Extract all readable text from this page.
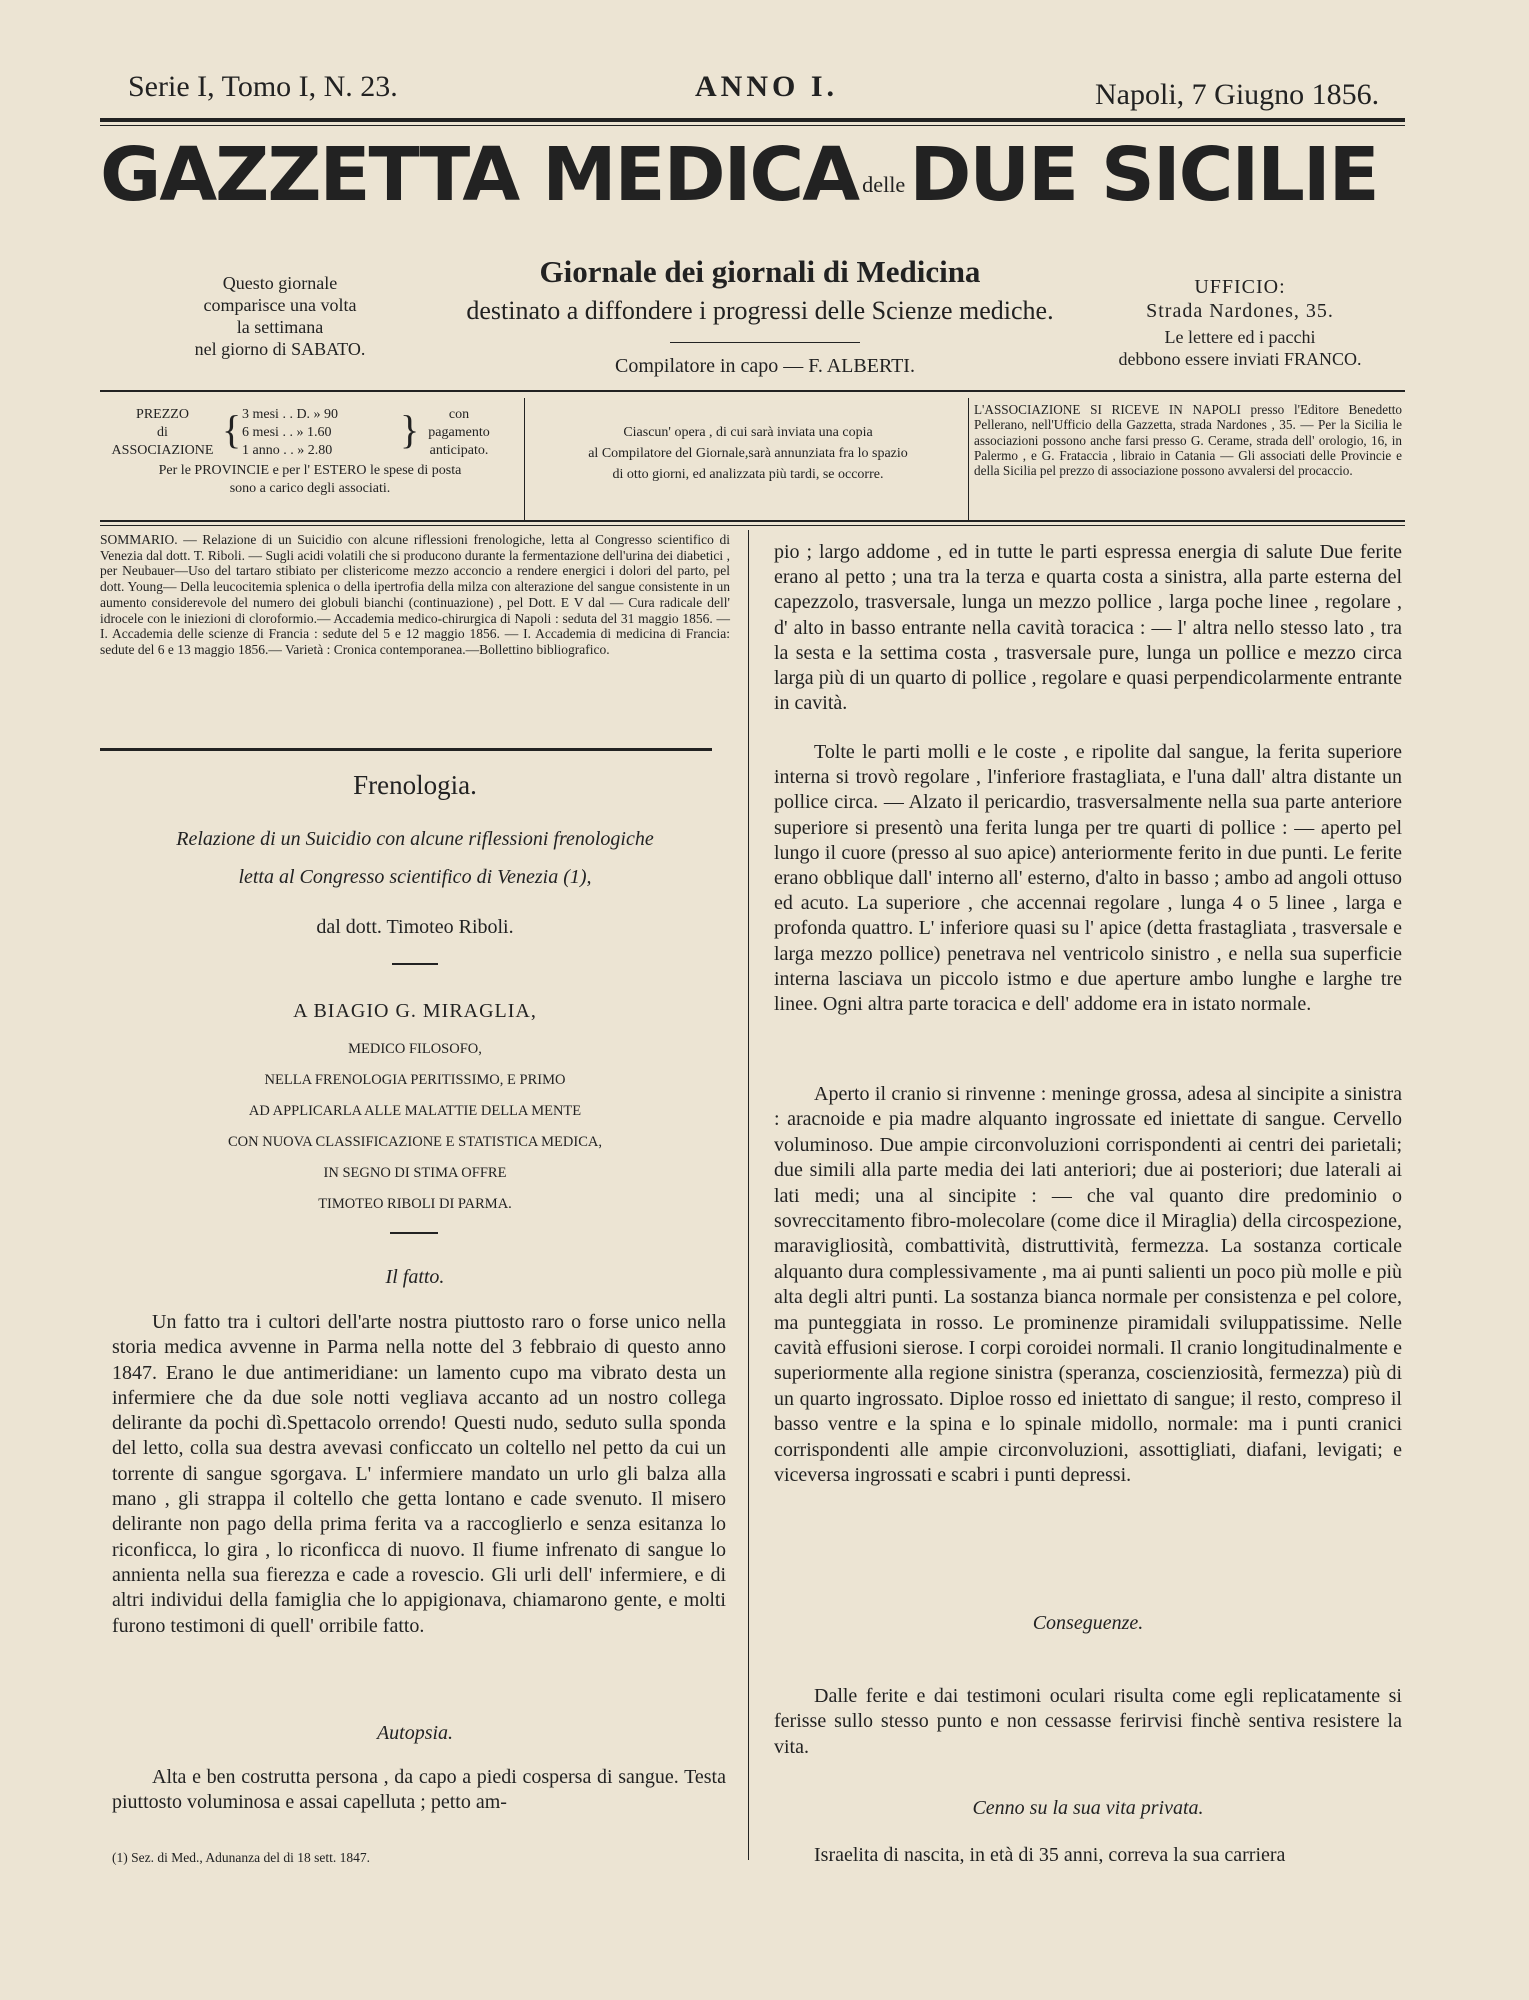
Serie I, Tomo I, N. 23.	ANNO I.	Napoli, 7 Giugno 1856.
GAZZETTA MEDICA delleDUE SICILIE
Questo giornale
comparisce una volta
la settimana
nel giorno di SABATO.
Giornale dei giornali di Medicina
destinato a diffondere i progressi delle Scienze mediche.
Compilatore in capo — F. ALBERTI.
UFFICIO:
Strada Nardones, 35.
Le lettere ed i pacchi
debbono essere inviati FRANCO.
PREZZO
di
ASSOCIAZIONE { 3 mesi . . D. » 90
6 mesi . . » 1.60
1 anno . . » 2.80	}	con
pagamento
anticipato.
Per le PROVINCIE e per l' ESTERO le spese di posta
sono a carico degli associati.
Ciascun' opera , di cui sarà inviata una copia
al Compilatore del Giornale,sarà annunziata fra lo spazio
di otto giorni, ed analizzata più tardi, se occorre.
L'ASSOCIAZIONE SI RICEVE IN NAPOLI presso l'Editore Benedetto Pellerano, nell'Ufficio della Gazzetta, strada Nardones , 35. — Per la Sicilia le associazioni possono anche farsi presso G. Cerame, strada dell' orologio, 16, in Palermo , e G. Frataccia , libraio in Catania — Gli associati delle Provincie e della Sicilia pel prezzo di associazione possono avvalersi del procaccio.
SOMMARIO. — Relazione di un Suicidio con alcune riflessioni frenologiche, letta al Congresso scientifico di Venezia dal dott. T. Riboli. — Sugli acidi volatili che si producono durante la fermentazione dell'urina dei diabetici , per Neubauer—Uso del tartaro stibiato per clistericome mezzo acconcio a rendere energici i dolori del parto, pel dott. Young— Della leucocitemia splenica o della ipertrofia della milza con alterazione del sangue consistente in un aumento considerevole del numero dei globuli bianchi (continuazione) , pel Dott. E V dal — Cura radicale dell' idrocele con le iniezioni di cloroformio.— Accademia medico-chirurgica di Napoli : seduta del 31 maggio 1856. — I. Accademia delle scienze di Francia : sedute del 5 e 12 maggio 1856. — I. Accademia di medicina di Francia: sedute del 6 e 13 maggio 1856.— Varietà : Cronica contemporanea.—Bollettino bibliografico.
Frenologia.
Relazione di un Suicidio con alcune riflessioni frenologiche
letta al Congresso scientifico di Venezia (1),
dal dott. Timoteo Riboli.
A BIAGIO G. MIRAGLIA,
MEDICO FILOSOFO,
NELLA FRENOLOGIA PERITISSIMO, E PRIMO
AD APPLICARLA ALLE MALATTIE DELLA MENTE
CON NUOVA CLASSIFICAZIONE E STATISTICA MEDICA,
IN SEGNO DI STIMA OFFRE
TIMOTEO RIBOLI DI PARMA.
Il fatto.
Un fatto tra i cultori dell'arte nostra piuttosto raro o forse unico nella storia medica avvenne in Parma nella notte del 3 febbraio di questo anno 1847. Erano le due antimeridiane: un lamento cupo ma vibrato desta un infermiere che da due sole notti vegliava accanto ad un nostro collega delirante da pochi dì.Spettacolo orrendo! Questi nudo, seduto sulla sponda del letto, colla sua destra avevasi conficcato un coltello nel petto da cui un torrente di sangue sgorgava. L' infermiere mandato un urlo gli balza alla mano , gli strappa il coltello che getta lontano e cade svenuto. Il misero delirante non pago della prima ferita va a raccoglierlo e senza esitanza lo riconficca, lo gira , lo riconficca di nuovo. Il fiume infrenato di sangue lo annienta nella sua fierezza e cade a rovescio. Gli urli dell' infermiere, e di altri individui della famiglia che lo appigionava, chiamarono gente, e molti furono testimoni di quell' orribile fatto.
Autopsia.
Alta e ben costrutta persona , da capo a piedi cospersa di sangue. Testa piuttosto voluminosa e assai capelluta ; petto am-
(1) Sez. di Med., Adunanza del di 18 sett. 1847.
pio ; largo addome , ed in tutte le parti espressa energia di salute Due ferite erano al petto ; una tra la terza e quarta costa a sinistra, alla parte esterna del capezzolo, trasversale, lunga un mezzo pollice , larga poche linee , regolare , d' alto in basso entrante nella cavità toracica : — l' altra nello stesso lato , tra la sesta e la settima costa , trasversale pure, lunga un pollice e mezzo circa larga più di un quarto di pollice , regolare e quasi perpendicolarmente entrante in cavità.
Tolte le parti molli e le coste , e ripolite dal sangue, la ferita superiore interna si trovò regolare , l'inferiore frastagliata, e l'una dall' altra distante un pollice circa. — Alzato il pericardio, trasversalmente nella sua parte anteriore superiore si presentò una ferita lunga per tre quarti di pollice : — aperto pel lungo il cuore (presso al suo apice) anteriormente ferito in due punti. Le ferite erano obblique dall' interno all' esterno, d'alto in basso ; ambo ad angoli ottuso ed acuto. La superiore , che accennai regolare , lunga 4 o 5 linee , larga e profonda quattro. L' inferiore quasi su l' apice (detta frastagliata , trasversale e larga mezzo pollice) penetrava nel ventricolo sinistro , e nella sua superficie interna lasciava un piccolo istmo e due aperture ambo lunghe e larghe tre linee. Ogni altra parte toracica e dell' addome era in istato normale.
Aperto il cranio si rinvenne : meninge grossa, adesa al sincipite a sinistra : aracnoide e pia madre alquanto ingrossate ed iniettate di sangue. Cervello voluminoso. Due ampie circonvoluzioni corrispondenti ai centri dei parietali; due simili alla parte media dei lati anteriori; due ai posteriori; due laterali ai lati medi; una al sincipite : — che val quanto dire predominio o sovreccitamento fibro-molecolare (come dice il Miraglia) della circospezione, maravigliosità, combattività, distruttività, fermezza. La sostanza corticale alquanto dura complessivamente , ma ai punti salienti un poco più molle e più alta degli altri punti. La sostanza bianca normale per consistenza e pel colore, ma punteggiata in rosso. Le prominenze piramidali sviluppatissime. Nelle cavità effusioni sierose. I corpi coroidei normali. Il cranio longitudinalmente e superiormente alla regione sinistra (speranza, coscienziosità, fermezza) più di un quarto ingrossato. Diploe rosso ed iniettato di sangue; il resto, compreso il basso ventre e la spina e lo spinale midollo, normale: ma i punti cranici corrispondenti alle ampie circonvoluzioni, assottigliati, diafani, levigati; e viceversa ingrossati e scabri i punti depressi.
Conseguenze.
Dalle ferite e dai testimoni oculari risulta come egli replicatamente si ferisse sullo stesso punto e non cessasse ferirvisi finchè sentiva resistere la vita.
Cenno su la sua vita privata.
Israelita di nascita, in età di 35 anni, correva la sua carriera
